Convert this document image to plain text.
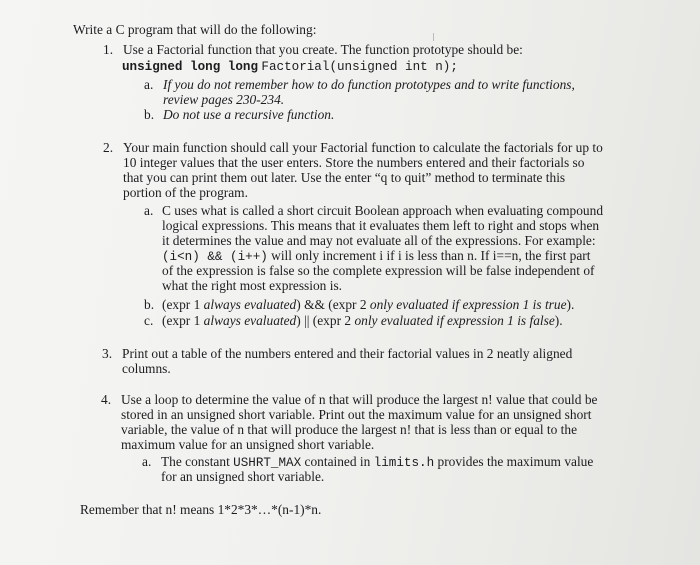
Write a C program that will do the following:
1. Use a Factorial function that you create. The function prototype should be:
unsigned long long Factorial(unsigned int n);
a. If you do not remember how to do function prototypes and to write functions,
review pages 230-234.
b. Do not use a recursive function.
2. Your main function should call your Factorial function to calculate the factorials for up to
10 integer values that the user enters. Store the numbers entered and their factorials so
that you can print them out later. Use the enter “q to quit” method to terminate this
portion of the program.
a. C uses what is called a short circuit Boolean approach when evaluating compound
logical expressions. This means that it evaluates them left to right and stops when
it determines the value and may not evaluate all of the expressions. For example:
(i<n) && (i++) will only increment i if i is less than n. If i==n, the first part
of the expression is false so the complete expression will be false independent of
what the right most expression is.
b. (expr 1 always evaluated) && (expr 2 only evaluated if expression 1 is true).
c. (expr 1 always evaluated) || (expr 2 only evaluated if expression 1 is false).
3. Print out a table of the numbers entered and their factorial values in 2 neatly aligned
columns.
4. Use a loop to determine the value of n that will produce the largest n! value that could be
stored in an unsigned short variable. Print out the maximum value for an unsigned short
variable, the value of n that will produce the largest n! that is less than or equal to the
maximum value for an unsigned short variable.
a. The constant USHRT_MAX contained in limits.h provides the maximum value
for an unsigned short variable.
Remember that n! means 1*2*3*…*(n-1)*n.
